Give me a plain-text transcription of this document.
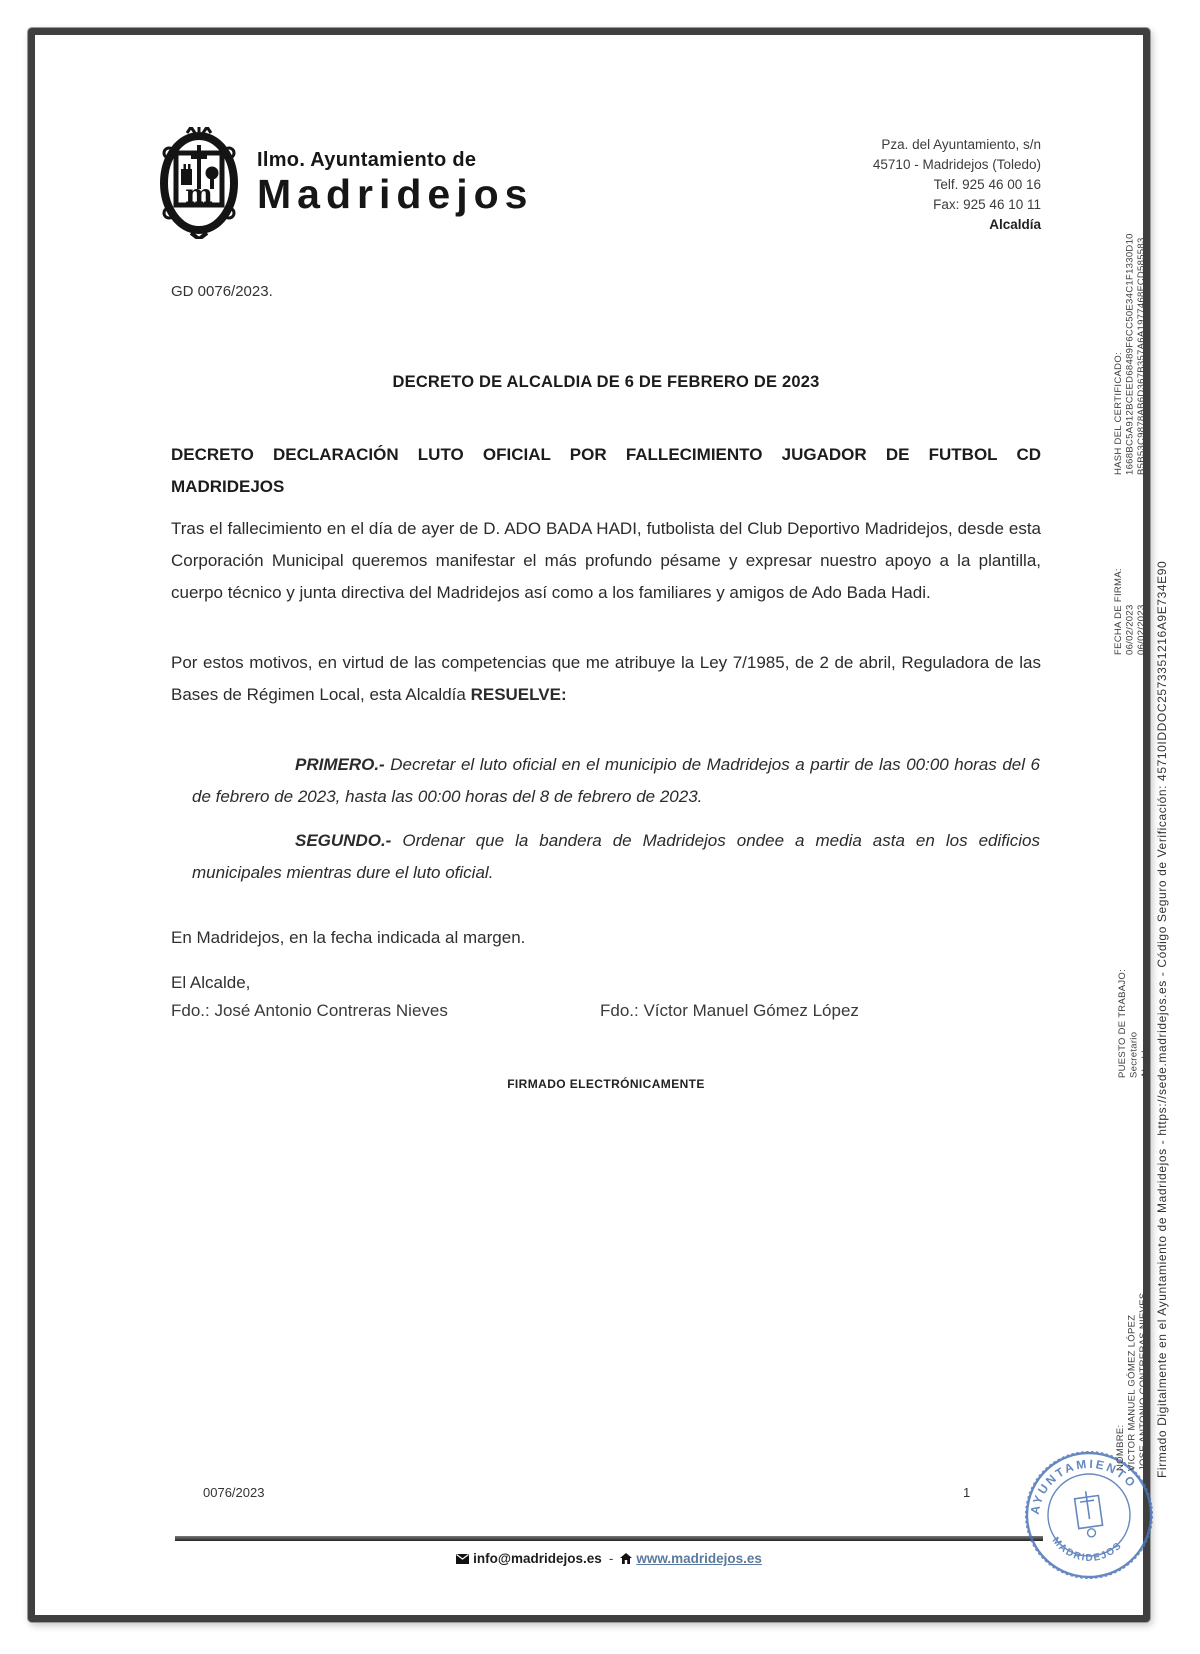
m
Ilmo. Ayuntamiento de
Madridejos
Pza. del Ayuntamiento, s/n
45710 - Madridejos (Toledo)
Telf. 925 46 00 16
Fax: 925 46 10 11
Alcaldía
GD 0076/2023.
DECRETO DE ALCALDIA DE 6 DE FEBRERO DE 2023
DECRETO DECLARACIÓN LUTO OFICIAL POR FALLECIMIENTO JUGADOR DE FUTBOL CD
MADRIDEJOS
Tras el fallecimiento en el día de ayer de D. ADO BADA HADI, futbolista del Club Deportivo Madridejos, desde esta Corporación Municipal queremos manifestar el más profundo pésame y expresar nuestro apoyo a la plantilla, cuerpo técnico y junta directiva del Madridejos así como a los familiares y amigos de Ado Bada Hadi.
Por estos motivos, en virtud de las competencias que me atribuye la Ley 7/1985, de 2 de abril, Reguladora de las Bases de Régimen Local, esta Alcaldía RESUELVE:
PRIMERO.- Decretar el luto oficial en el municipio de Madridejos a partir de las 00:00 horas del 6 de febrero de 2023, hasta las 00:00 horas del 8 de febrero de 2023.
SEGUNDO.- Ordenar que la bandera de Madridejos ondee a media asta en los edificios municipales mientras dure el luto oficial.
En Madridejos, en la fecha indicada al margen.
El Alcalde,
Fdo.: José Antonio Contreras Nieves	Fdo.: Víctor Manuel Gómez López
FIRMADO ELECTRÓNICAMENTE
0076/2023	1
info@madridejos.es - www.madridejos.es
AYUNTAMIENTO
MADRIDEJOS
HASH DEL CERTIFICADO: 1668BC5A912BCEED68489F6CC50E34C1F1330D10 B5B53C9878AB6D367B357A6A1977468FCD585583
FECHA DE FIRMA: 06/02/2023 06/02/2023
PUESTO DE TRABAJO: Secretario Alcalde
NOMBRE: VICTOR MANUEL GÓMEZ LÓPEZ JOSE ANTONIO CONTRERAS NIEVES Firmado Digitalmente en el Ayuntamiento de Madridejos - https://sede.madridejos.es - Código Seguro de Verificación: 45710IDDOC2573351216A9E734E90
